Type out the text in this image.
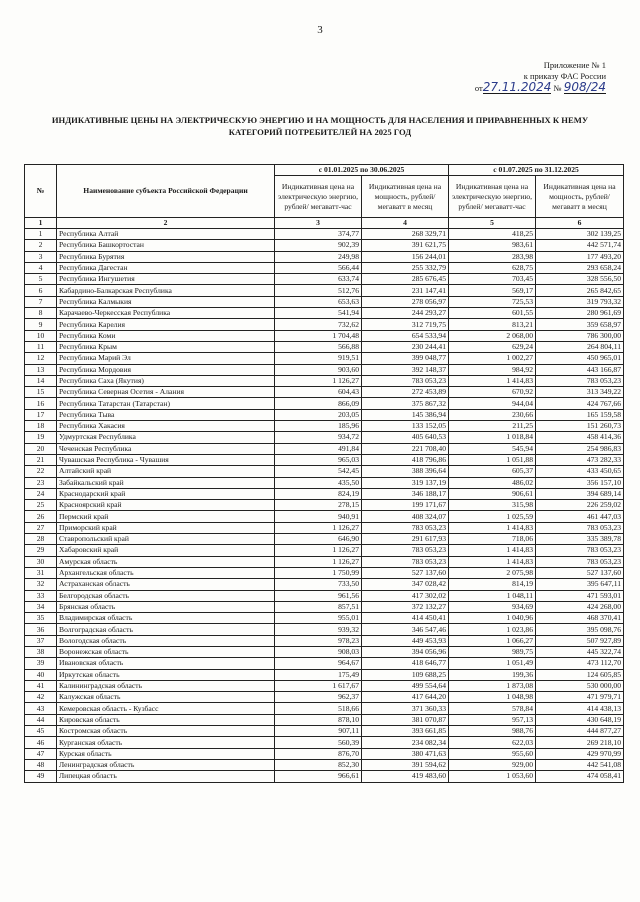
3
Приложение № 1
к приказу ФАС России
от27.11.2024 № 908/24
ИНДИКАТИВНЫЕ ЦЕНЫ НА ЭЛЕКТРИЧЕСКУЮ ЭНЕРГИЮ И НА МОЩНОСТЬ ДЛЯ НАСЕЛЕНИЯ И ПРИРАВНЕННЫХ К НЕМУ
КАТЕГОРИЙ ПОТРЕБИТЕЛЕЙ НА 2025 ГОД
№	Наименование субъекта Российской Федерации	с 01.01.2025 по 30.06.2025		с 01.07.2025 по 31.12.2025	
		Индикативная цена на электрическую энергию, рублей/ мегаватт-час	Индикативная цена на мощность, рублей/мегаватт в месяц	Индикативная цена на электрическую энергию, рублей/ мегаватт-час	Индикативная цена на мощность, рублей/мегаватт в месяц
1	2	3	4	5	6
1	Республика Алтай	374,77	268 329,71	418,25	302 139,25
2	Республика Башкортостан	902,39	391 621,75	983,61	442 571,74
3	Республика Бурятия	249,98	156 244,01	283,98	177 493,20
4	Республика Дагестан	566,44	255 332,79	628,75	293 658,24
5	Республика Ингушетия	633,74	285 676,45	703,45	328 556,50
6	Кабардино-Балкарская Республика	512,76	231 147,41	569,17	265 842,65
7	Республика Калмыкия	653,63	278 056,97	725,53	319 793,32
8	Карачаево-Черкесская Республика	541,94	244 293,27	601,55	280 961,69
9	Республика Карелия	732,62	312 719,75	813,21	359 658,97
10	Республика Коми	1 704,48	654 533,94	2 068,00	786 300,00
11	Республика Крым	566,88	230 244,41	629,24	264 804,11
12	Республика Марий Эл	919,51	399 048,77	1 002,27	450 965,01
13	Республика Мордовия	903,60	392 148,37	984,92	443 166,87
14	Республика Саха (Якутия)	1 126,27	783 053,23	1 414,83	783 053,23
15	Республика Северная Осетия - Алания	604,43	272 453,89	670,92	313 349,22
16	Республика Татарстан (Татарстан)	866,09	375 867,32	944,04	424 767,66
17	Республика Тыва	203,05	145 386,94	230,66	165 159,58
18	Республика Хакасия	185,96	133 152,05	211,25	151 260,73
19	Удмуртская Республика	934,72	405 640,53	1 018,84	458 414,36
20	Чеченская Республика	491,84	221 708,40	545,94	254 986,83
21	Чувашская Республика - Чувашия	965,03	418 796,86	1 051,88	473 282,33
22	Алтайский край	542,45	388 396,64	605,37	433 450,65
23	Забайкальский край	435,50	319 137,19	486,02	356 157,10
24	Краснодарский край	824,19	346 188,17	906,61	394 689,14
25	Красноярский край	278,15	199 171,67	315,98	226 259,02
26	Пермский край	940,91	408 324,07	1 025,59	461 447,03
27	Приморский край	1 126,27	783 053,23	1 414,83	783 053,23
28	Ставропольский край	646,90	291 617,93	718,06	335 389,78
29	Хабаровский край	1 126,27	783 053,23	1 414,83	783 053,23
30	Амурская область	1 126,27	783 053,23	1 414,83	783 053,23
31	Архангельская область	1 750,99	527 137,60	2 075,98	527 137,60
32	Астраханская область	733,50	347 028,42	814,19	395 647,11
33	Белгородская область	961,56	417 302,02	1 048,11	471 593,01
34	Брянская область	857,51	372 132,27	934,69	424 268,00
35	Владимирская область	955,01	414 450,41	1 040,96	468 370,41
36	Волгоградская область	939,32	346 547,46	1 023,86	395 098,76
37	Вологодская область	978,23	449 453,93	1 066,27	507 927,89
38	Воронежская область	908,03	394 056,96	989,75	445 322,74
39	Ивановская область	964,67	418 646,77	1 051,49	473 112,70
40	Иркутская область	175,49	109 688,25	199,36	124 605,85
41	Калининградская область	1 617,67	499 554,64	1 873,08	530 000,00
42	Калужская область	962,37	417 644,20	1 048,98	471 979,71
43	Кемеровская область - Кузбасс	518,66	371 360,33	578,84	414 438,13
44	Кировская область	878,10	381 070,87	957,13	430 648,19
45	Костромская область	907,11	393 661,85	988,76	444 877,27
46	Курганская область	560,39	234 082,34	622,03	269 218,10
47	Курская область	876,70	380 471,63	955,60	429 970,99
48	Ленинградская область	852,30	391 594,62	929,00	442 541,08
49	Липецкая область	966,61	419 483,60	1 053,60	474 058,41
